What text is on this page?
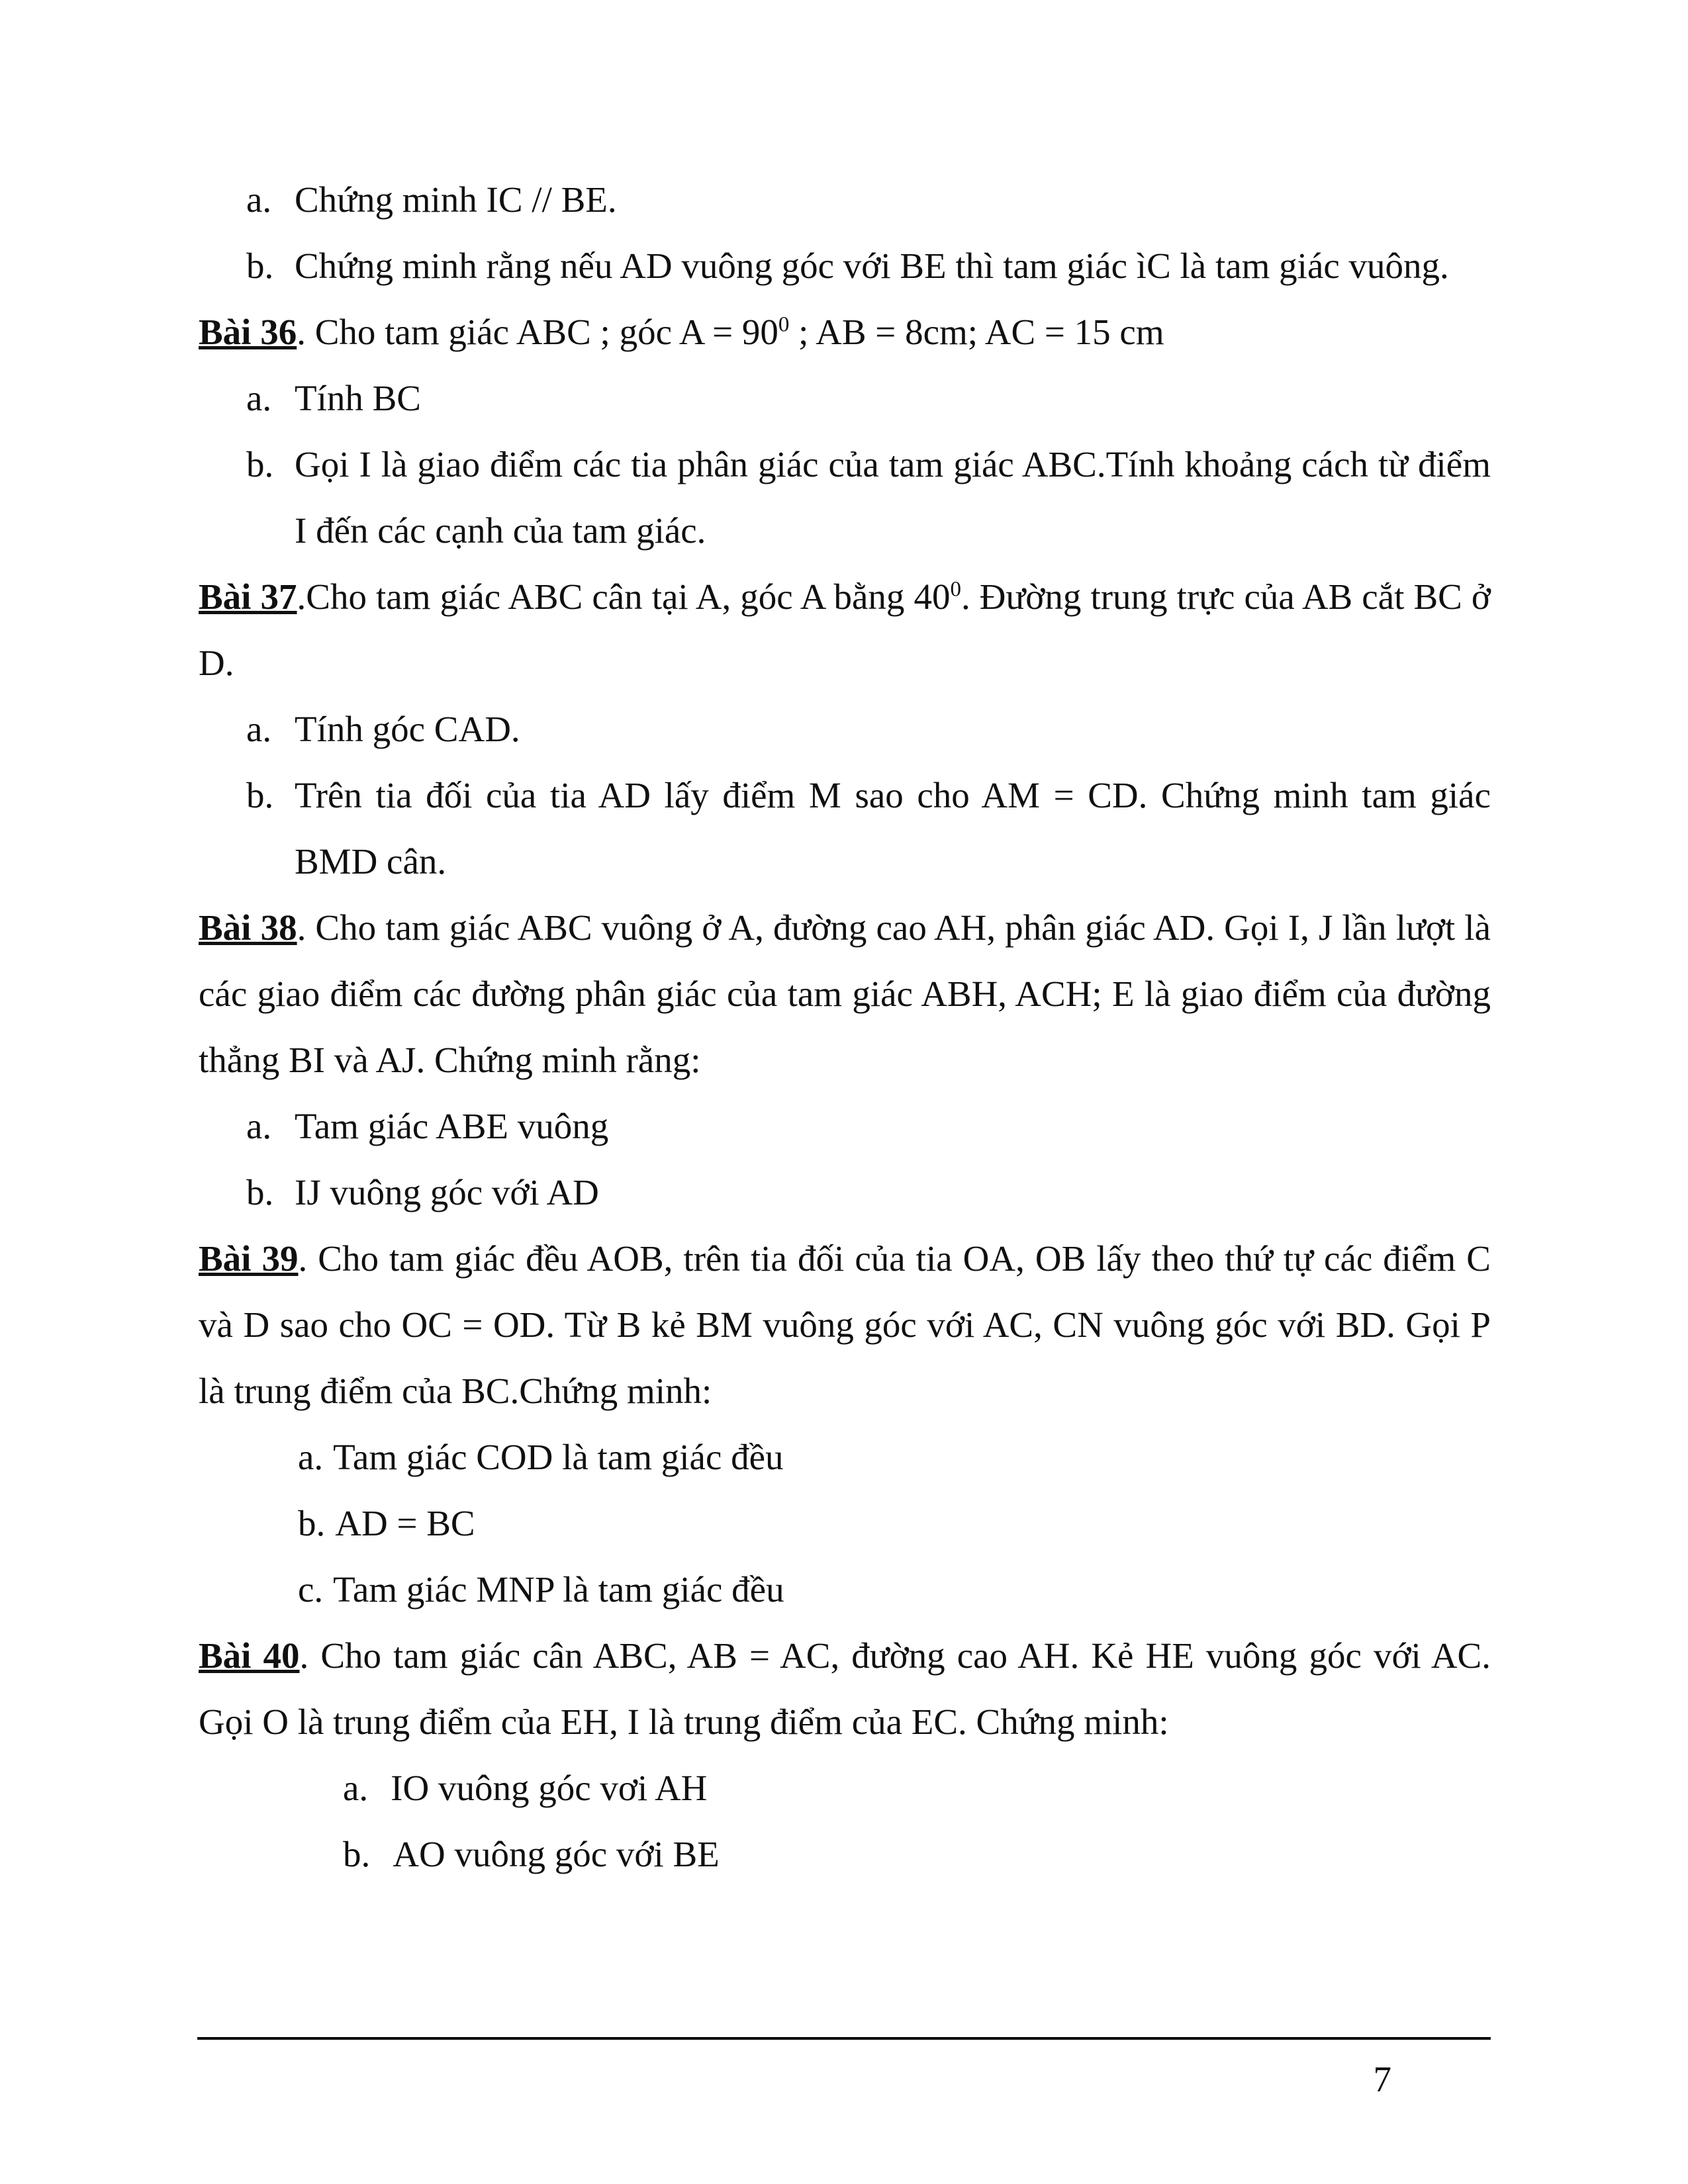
a. Chứng minh IC // BE.
b. Chứng minh rằng nếu AD vuông góc với BE thì tam giác ìC là tam giác vuông.
Bài 36. Cho tam giác ABC ; góc $A = 90^0$ ; AB = 8cm; AC = 15 cm
a. Tính BC
b. Gọi I là giao điểm các tia phân giác của tam giác ABC.Tính khoảng cách từ điểm I đến các cạnh của tam giác.
Bài 37.Cho tam giác ABC cân tại A, góc A bằng $40^0$. Đường trung trực của AB cắt BC ở D.
a. Tính góc CAD.
b. Trên tia đối của tia AD lấy điểm M sao cho AM = CD. Chứng minh tam giác BMD cân.
Bài 38. Cho tam giác ABC vuông ở A, đường cao AH, phân giác AD. Gọi I, J lần lượt là các giao điểm các đường phân giác của tam giác ABH, ACH; E là giao điểm của đường thẳng BI và AJ. Chứng minh rằng:
a. Tam giác ABE vuông
b. IJ vuông góc với AD
Bài 39. Cho tam giác đều AOB, trên tia đối của tia OA, OB lấy theo thứ tự các điểm C và D sao cho OC = OD. Từ B kẻ BM vuông góc với AC, CN vuông góc với BD. Gọi P là trung điểm của BC.Chứng minh:
a. Tam giác COD là tam giác đều
b. AD = BC
c. Tam giác MNP là tam giác đều
Bài 40. Cho tam giác cân ABC, AB = AC, đường cao AH. Kẻ HE vuông góc với AC. Gọi O là trung điểm của EH, I là trung điểm của EC. Chứng minh:
a. IO vuông góc vơi AH
b. AO vuông góc với BE
7
